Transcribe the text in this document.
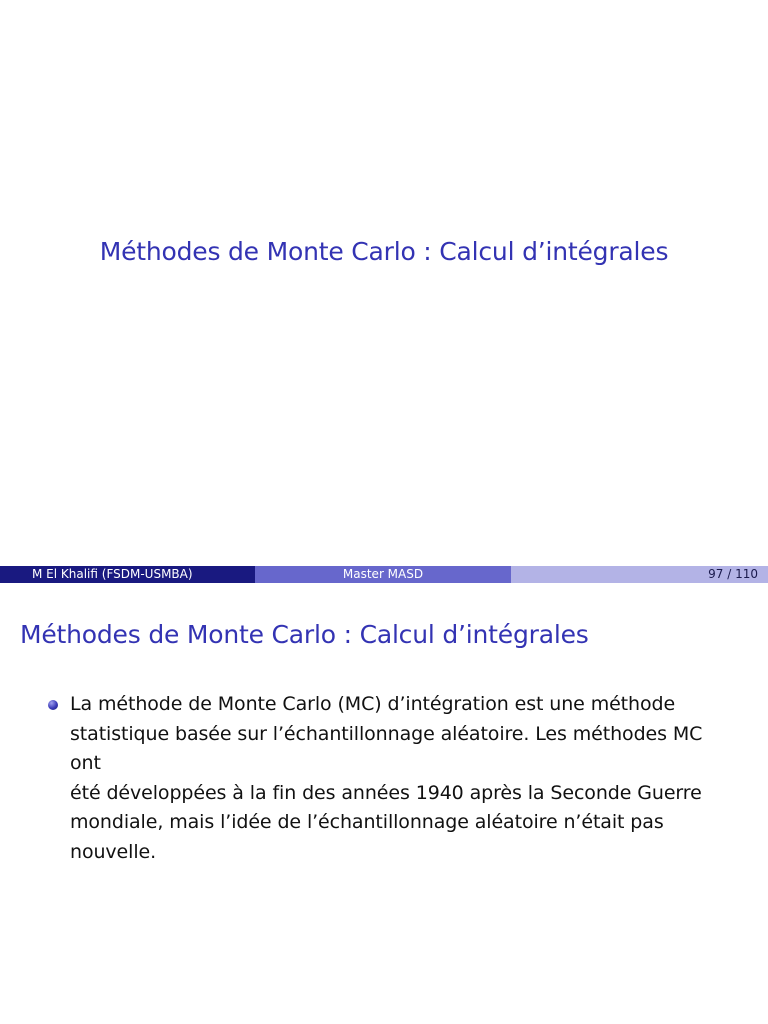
Méthodes de Monte Carlo : Calcul d’intégrales
M El Khalifi (FSDM-USMBA)	Master MASD	97 / 110
Méthodes de Monte Carlo : Calcul d’intégrales
La méthode de Monte Carlo (MC) d’intégration est une méthode
statistique basée sur l’échantillonnage aléatoire. Les méthodes MC ont
été développées à la fin des années 1940 après la Seconde Guerre
mondiale, mais l’idée de l’échantillonnage aléatoire n’était pas
nouvelle.
